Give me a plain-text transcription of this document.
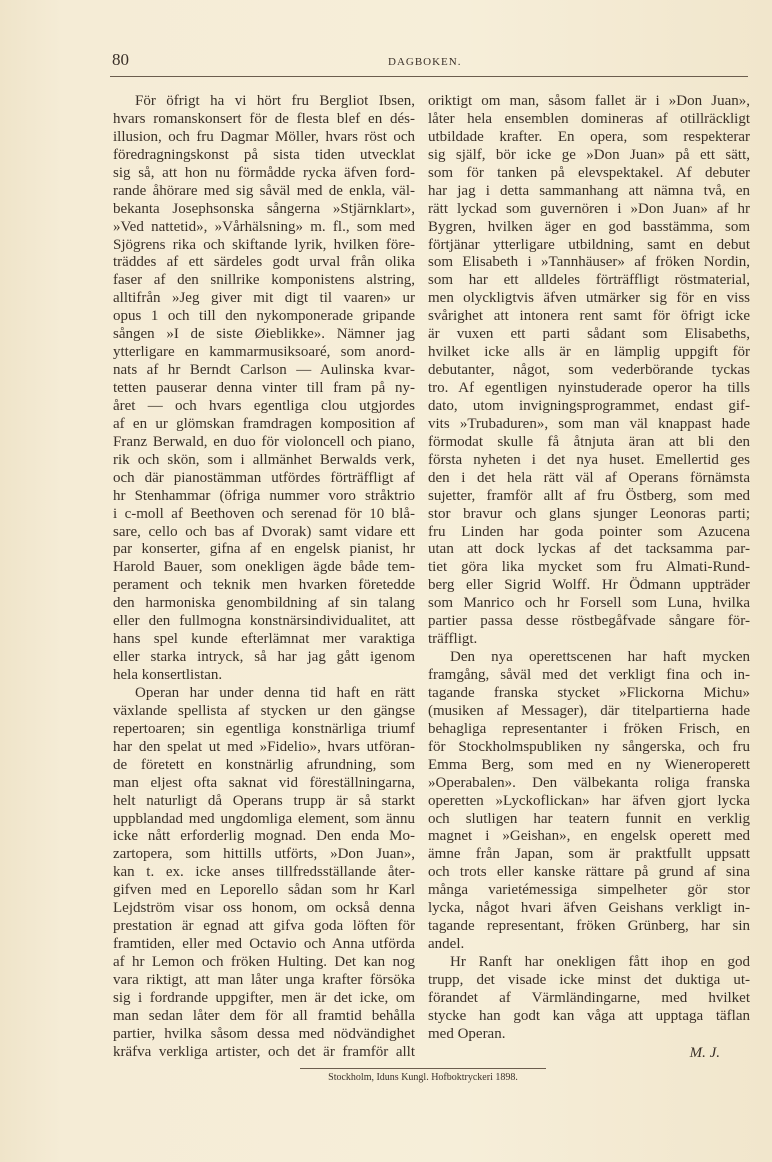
80	DAGBOKEN.
För öfrigt ha vi hört fru Bergliot Ibsen,
hvars romanskonsert för de flesta blef en dés-
illusion, och fru Dagmar Möller, hvars röst och
föredragningskonst på sista tiden utvecklat
sig så, att hon nu förmådde rycka äfven ford-
rande åhörare med sig såväl med de enkla, väl-
bekanta Josephsonska sångerna »Stjärnklart»,
»Ved nattetid», »Vårhälsning» m. fl., som med
Sjögrens rika och skiftande lyrik, hvilken före-
träddes af ett särdeles godt urval från olika
faser af den snillrike komponistens alstring,
alltifrån »Jeg giver mit digt til vaaren» ur
opus 1 och till den nykomponerade gripande
sången »I de siste Øieblikke». Nämner jag
ytterligare en kammarmusiksoaré, som anord-
nats af hr Berndt Carlson — Aulinska kvar-
tetten pauserar denna vinter till fram på ny-
året — och hvars egentliga clou utgjordes
af en ur glömskan framdragen komposition af
Franz Berwald, en duo för violoncell och piano,
rik och skön, som i allmänhet Berwalds verk,
och där pianostämman utfördes förträffligt af
hr Stenhammar (öfriga nummer voro stråktrio
i c-moll af Beethoven och serenad för 10 blå-
sare, cello och bas af Dvorak) samt vidare ett
par konserter, gifna af en engelsk pianist, hr
Harold Bauer, som onekligen ägde både tem-
perament och teknik men hvarken företedde
den harmoniska genombildning af sin talang
eller den fullmogna konstnärsindividualitet, att
hans spel kunde efterlämnat mer varaktiga
eller starka intryck, så har jag gått igenom
hela konsertlistan.
Operan har under denna tid haft en rätt
växlande spellista af stycken ur den gängse
repertoaren; sin egentliga konstnärliga triumf
har den spelat ut med »Fidelio», hvars utföran-
de företett en konstnärlig afrundning, som
man eljest ofta saknat vid föreställningarna,
helt naturligt då Operans trupp är så starkt
uppblandad med ungdomliga element, som ännu
icke nått erforderlig mognad. Den enda Mo-
zartopera, som hittills utförts, »Don Juan»,
kan t. ex. icke anses tillfredsställande åter-
gifven med en Leporello sådan som hr Karl
Lejdström visar oss honom, om också denna
prestation är egnad att gifva goda löften för
framtiden, eller med Octavio och Anna utförda
af hr Lemon och fröken Hulting. Det kan nog
vara riktigt, att man låter unga krafter försöka
sig i fordrande uppgifter, men är det icke, om
man sedan låter dem för all framtid behålla
partier, hvilka såsom dessa med nödvändighet
kräfva verkliga artister, och det är framför allt
oriktigt om man, såsom fallet är i »Don Juan»,
låter hela ensemblen domineras af otillräckligt
utbildade krafter. En opera, som respekterar
sig själf, bör icke ge »Don Juan» på ett sätt,
som för tanken på elevspektakel. Af debuter
har jag i detta sammanhang att nämna två, en
rätt lyckad som guvernören i »Don Juan» af hr
Bygren, hvilken äger en god basstämma, som
förtjänar ytterligare utbildning, samt en debut
som Elisabeth i »Tannhäuser» af fröken Nordin,
som har ett alldeles förträffligt röstmaterial,
men olyckligtvis äfven utmärker sig för en viss
svårighet att intonera rent samt för öfrigt icke
är vuxen ett parti sådant som Elisabeths,
hvilket icke alls är en lämplig uppgift för
debutanter, något, som vederbörande tyckas
tro. Af egentligen nyinstuderade operor ha tills
dato, utom invigningsprogrammet, endast gif-
vits »Trubaduren», som man väl knappast hade
förmodat skulle få åtnjuta äran att bli den
första nyheten i det nya huset. Emellertid ges
den i det hela rätt väl af Operans förnämsta
sujetter, framför allt af fru Östberg, som med
stor bravur och glans sjunger Leonoras parti;
fru Linden har goda pointer som Azucena
utan att dock lyckas af det tacksamma par-
tiet göra lika mycket som fru Almati-Rund-
berg eller Sigrid Wolff. Hr Ödmann uppträder
som Manrico och hr Forsell som Luna, hvilka
partier passa desse röstbegåfvade sångare för-
träffligt.
Den nya operettscenen har haft mycken
framgång, såväl med det verkligt fina och in-
tagande franska stycket »Flickorna Michu»
(musiken af Messager), där titelpartierna hade
behagliga representanter i fröken Frisch, en
för Stockholmspubliken ny sångerska, och fru
Emma Berg, som med en ny Wieneroperett
»Operabalen». Den välbekanta roliga franska
operetten »Lyckoflickan» har äfven gjort lycka
och slutligen har teatern funnit en verklig
magnet i »Geishan», en engelsk operett med
ämne från Japan, som är praktfullt uppsatt
och trots eller kanske rättare på grund af sina
många varietémessiga simpelheter gör stor
lycka, något hvari äfven Geishans verkligt in-
tagande representant, fröken Grünberg, har sin
andel.
Hr Ranft har onekligen fått ihop en god
trupp, det visade icke minst det duktiga ut-
förandet af Värmländingarne, med hvilket
stycke han godt kan våga att upptaga täflan
med Operan.
M. J.
Stockholm, Iduns Kungl. Hofboktryckeri 1898.
